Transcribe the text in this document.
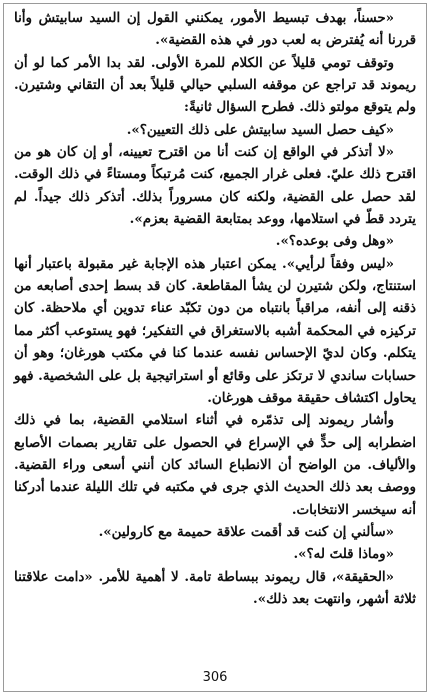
«حسناً، بهدف تبسيط الأمور، يمكنني القول إن السيد سابيتش وأنا قررنا أنه يُفترض به لعب دور في هذه القضية».

وتوقف تومي قليلاً عن الكلام للمرة الأولى. لقد بدا الأمر كما لو أن ريموند قد تراجع عن موقفه السلبي حيالي قليلاً بعد أن التقاني وشتيرن. ولم يتوقع مولتو ذلك. فطرح السؤال ثانيةً:

«كيف حصل السيد سابيتش على ذلك التعيين؟».

«لا أتذكر في الواقع إن كنت أنا من اقترح تعيينه، أو إن كان هو من اقترح ذلك عليّ. فعلى غرار الجميع، كنت مُرتبكاً ومستاءً في ذلك الوقت. لقد حصل على القضية، ولكنه كان مسروراً بذلك. أتذكر ذلك جيداً. لم يتردد قطّ في استلامها، ووعد بمتابعة القضية بعزم».

«وهل وفى بوعده؟».

«ليس وفقاً لرأيي». يمكن اعتبار هذه الإجابة غير مقبولة باعتبار أنها استنتاج، ولكن شتيرن لن يشأ المقاطعة. كان قد بسط إحدى أصابعه من ذقنه إلى أنفه، مراقباً بانتباه من دون تكبّد عناء تدوين أي ملاحظة. كان تركيزه في المحكمة أشبه بالاستغراق في التفكير؛ فهو يستوعب أكثر مما يتكلم. وكان لديّ الإحساس نفسه عندما كنا في مكتب هورغان؛ وهو أن حسابات ساندي لا ترتكز على وقائع أو استراتيجية بل على الشخصية. فهو يحاول اكتشاف حقيقة موقف هورغان.

وأشار ريموند إلى تذمّره في أثناء استلامي القضية، بما في ذلك اضطرابه إلى حدٍّ في الإسراع في الحصول على تقارير بصمات الأصابع والألياف. من الواضح أن الانطباع السائد كان أنني أسعى وراء القضية. ووصف بعد ذلك الحديث الذي جرى في مكتبه في تلك الليلة عندما أدركنا أنه سيخسر الانتخابات.

«سألني إن كنت قد أقمت علاقة حميمة مع كارولين».

«وماذا قلتَ له؟».

«الحقيقة»، قال ريموند ببساطة تامة. لا أهمية للأمر. «دامت علاقتنا ثلاثة أشهر، وانتهت بعد ذلك».

306
